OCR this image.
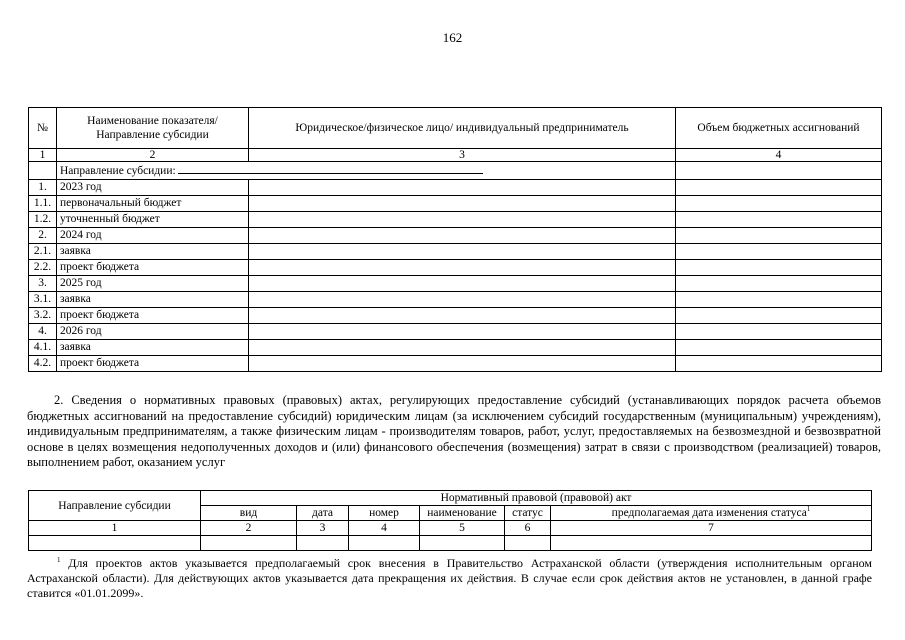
162
№	Наименование показателя/ Направление субсидии	Юридическое/физическое лицо/ индивидуальный предприниматель	Объем бюджетных ассигнований
1	2	3	4
	Направление субсидии:		
1.	2023 год		
1.1.	первоначальный бюджет		
1.2.	уточненный бюджет		
2.	2024 год		
2.1.	заявка		
2.2.	проект бюджета		
3.	2025 год		
3.1.	заявка		
3.2.	проект бюджета		
4.	2026 год		
4.1.	заявка		
4.2.	проект бюджета		

2. Сведения о нормативных правовых (правовых) актах, регулирующих предоставление субсидий (устанавливающих порядок расчета объемов бюджетных ассигнований на предоставление субсидий) юридическим лицам (за исключением субсидий государственным (муниципальным) учреждениям), индивидуальным предпринимателям, а также физическим лицам - производителям товаров, работ, услуг, предоставляемых на безвозмездной и безвозвратной основе в целях возмещения недополученных доходов и (или) финансового обеспечения (возмещения) затрат в связи с производством (реализацией) товаров, выполнением работ, оказанием услуг

Направление субсидии	Нормативный правовой (правовой) акт					
	вид	дата	номер	наименование	статус	предполагаемая дата изменения статуса$^1$
1	2	3	4	5	6	7

$^1$ Для проектов актов указывается предполагаемый срок внесения в Правительство Астраханской области (утверждения исполнительным органом Астраханской области). Для действующих актов указывается дата прекращения их действия. В случае если срок действия актов не установлен, в данной графе ставится «01.01.2099».
